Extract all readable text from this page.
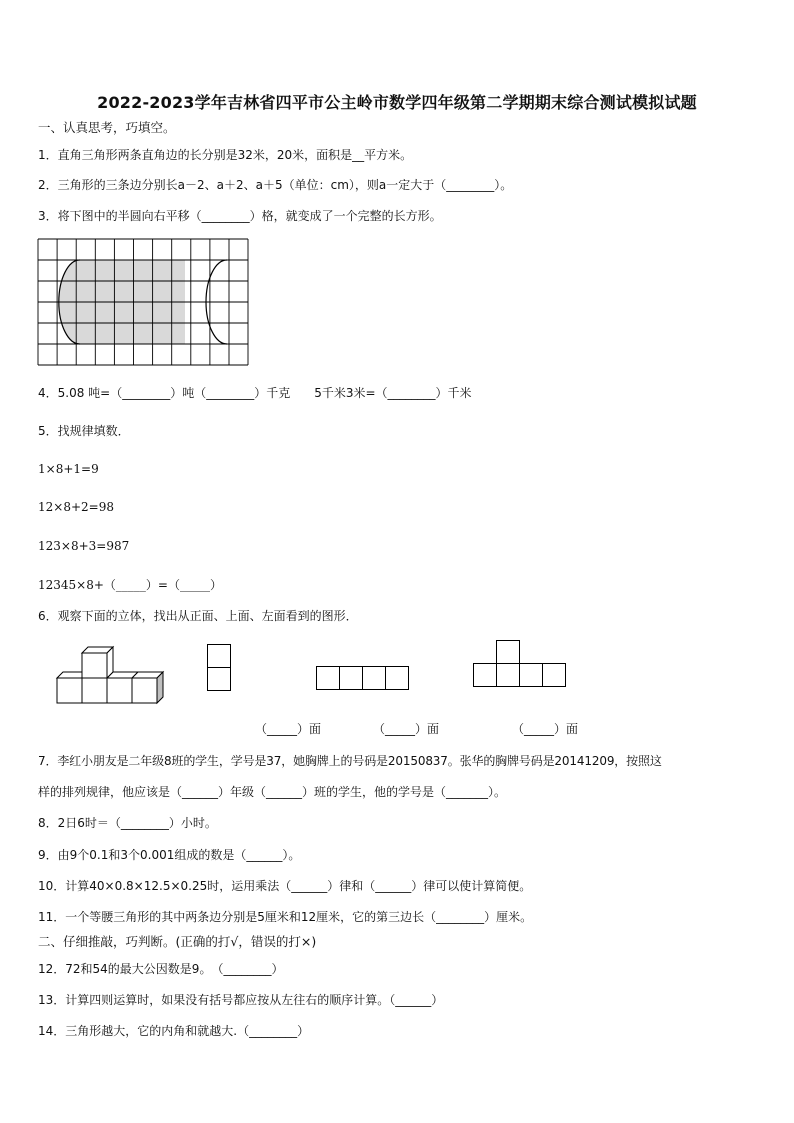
2022-2023学年吉林省四平市公主岭市数学四年级第二学期期末综合测试模拟试题
一、认真思考，巧填空。
1．直角三角形两条直角边的长分别是32米，20米，面积是__平方米。
2．三角形的三条边分别长a－2、a＋2、a＋5（单位：cm），则a一定大于（________）。
3．将下图中的半圆向右平移（________）格，就变成了一个完整的长方形。
4．5.08 吨=（________）吨（________）千克　　5千米3米=（________）千米
5．找规律填数．
1×8+1=9
12×8+2=98
123×8+3=987
12345×8+（_____）=（_____）
6．观察下面的立体，找出从正面、上面、左面看到的图形．
（_____）面	（_____）面	（_____）面
7．李红小朋友是二年级8班的学生，学号是37，她胸牌上的号码是20150837。张华的胸牌号码是20141209，按照这
样的排列规律，他应该是（______）年级（______）班的学生，他的学号是（_______）。
8．2日6时＝（________）小时。
9．由9个0.1和3个0.001组成的数是（______）。
10．计算40×0.8×12.5×0.25时，运用乘法（______）律和（______）律可以使计算简便。
11．一个等腰三角形的其中两条边分别是5厘米和12厘米，它的第三边长（________）厘米。
二、仔细推敲，巧判断。(正确的打√，错误的打×)
12．72和54的最大公因数是9。　（________）
13．计算四则运算时，如果没有括号都应按从左往右的顺序计算。（______）
14．三角形越大，它的内角和就越大.（________）
